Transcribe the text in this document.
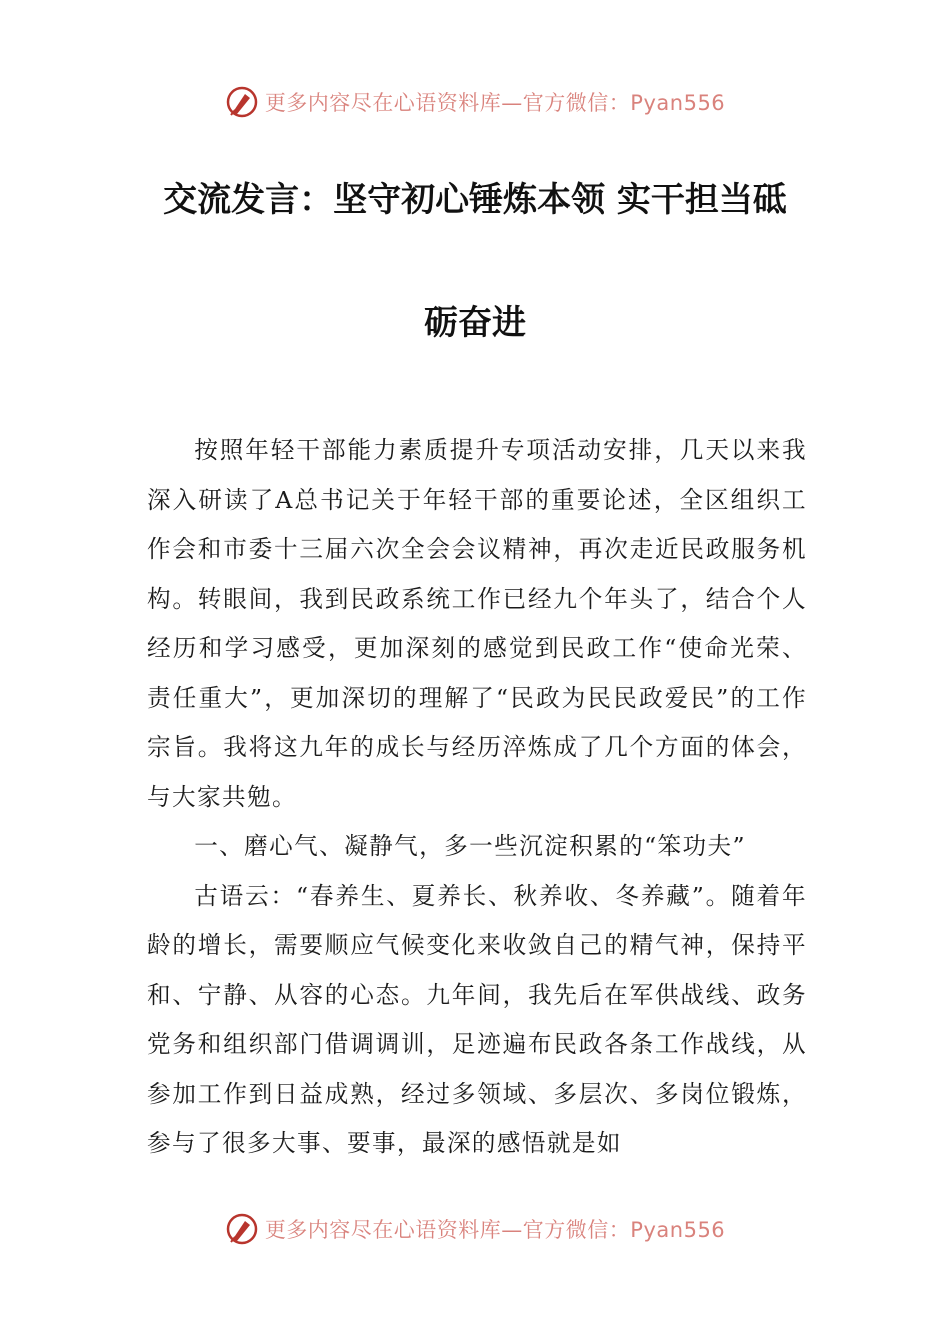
更多内容尽在心语资料库—官方微信：Pyan556
交流发言：坚守初心锤炼本领 实干担当砥
砺奋进

按照年轻干部能力素质提升专项活动安排，几天以来我深入研读了A总书记关于年轻干部的重要论述，全区组织工作会和市委十三届六次全会会议精神，再次走近民政服务机构。转眼间，我到民政系统工作已经九个年头了，结合个人经历和学习感受，更加深刻的感觉到民政工作“使命光荣、责任重大”，更加深切的理解了“民政为民民政爱民”的工作宗旨。我将这九年的成长与经历淬炼成了几个方面的体会，与大家共勉。

一、磨心气、凝静气，多一些沉淀积累的“笨功夫”

古语云：“春养生、夏养长、秋养收、冬养藏”。随着年龄的增长，需要顺应气候变化来收敛自己的精气神，保持平和、宁静、从容的心态。九年间，我先后在军供战线、政务党务和组织部门借调调训，足迹遍布民政各条工作战线，从参加工作到日益成熟，经过多领域、多层次、多岗位锻炼，参与了很多大事、要事，最深的感悟就是如

更多内容尽在心语资料库—官方微信：Pyan556
